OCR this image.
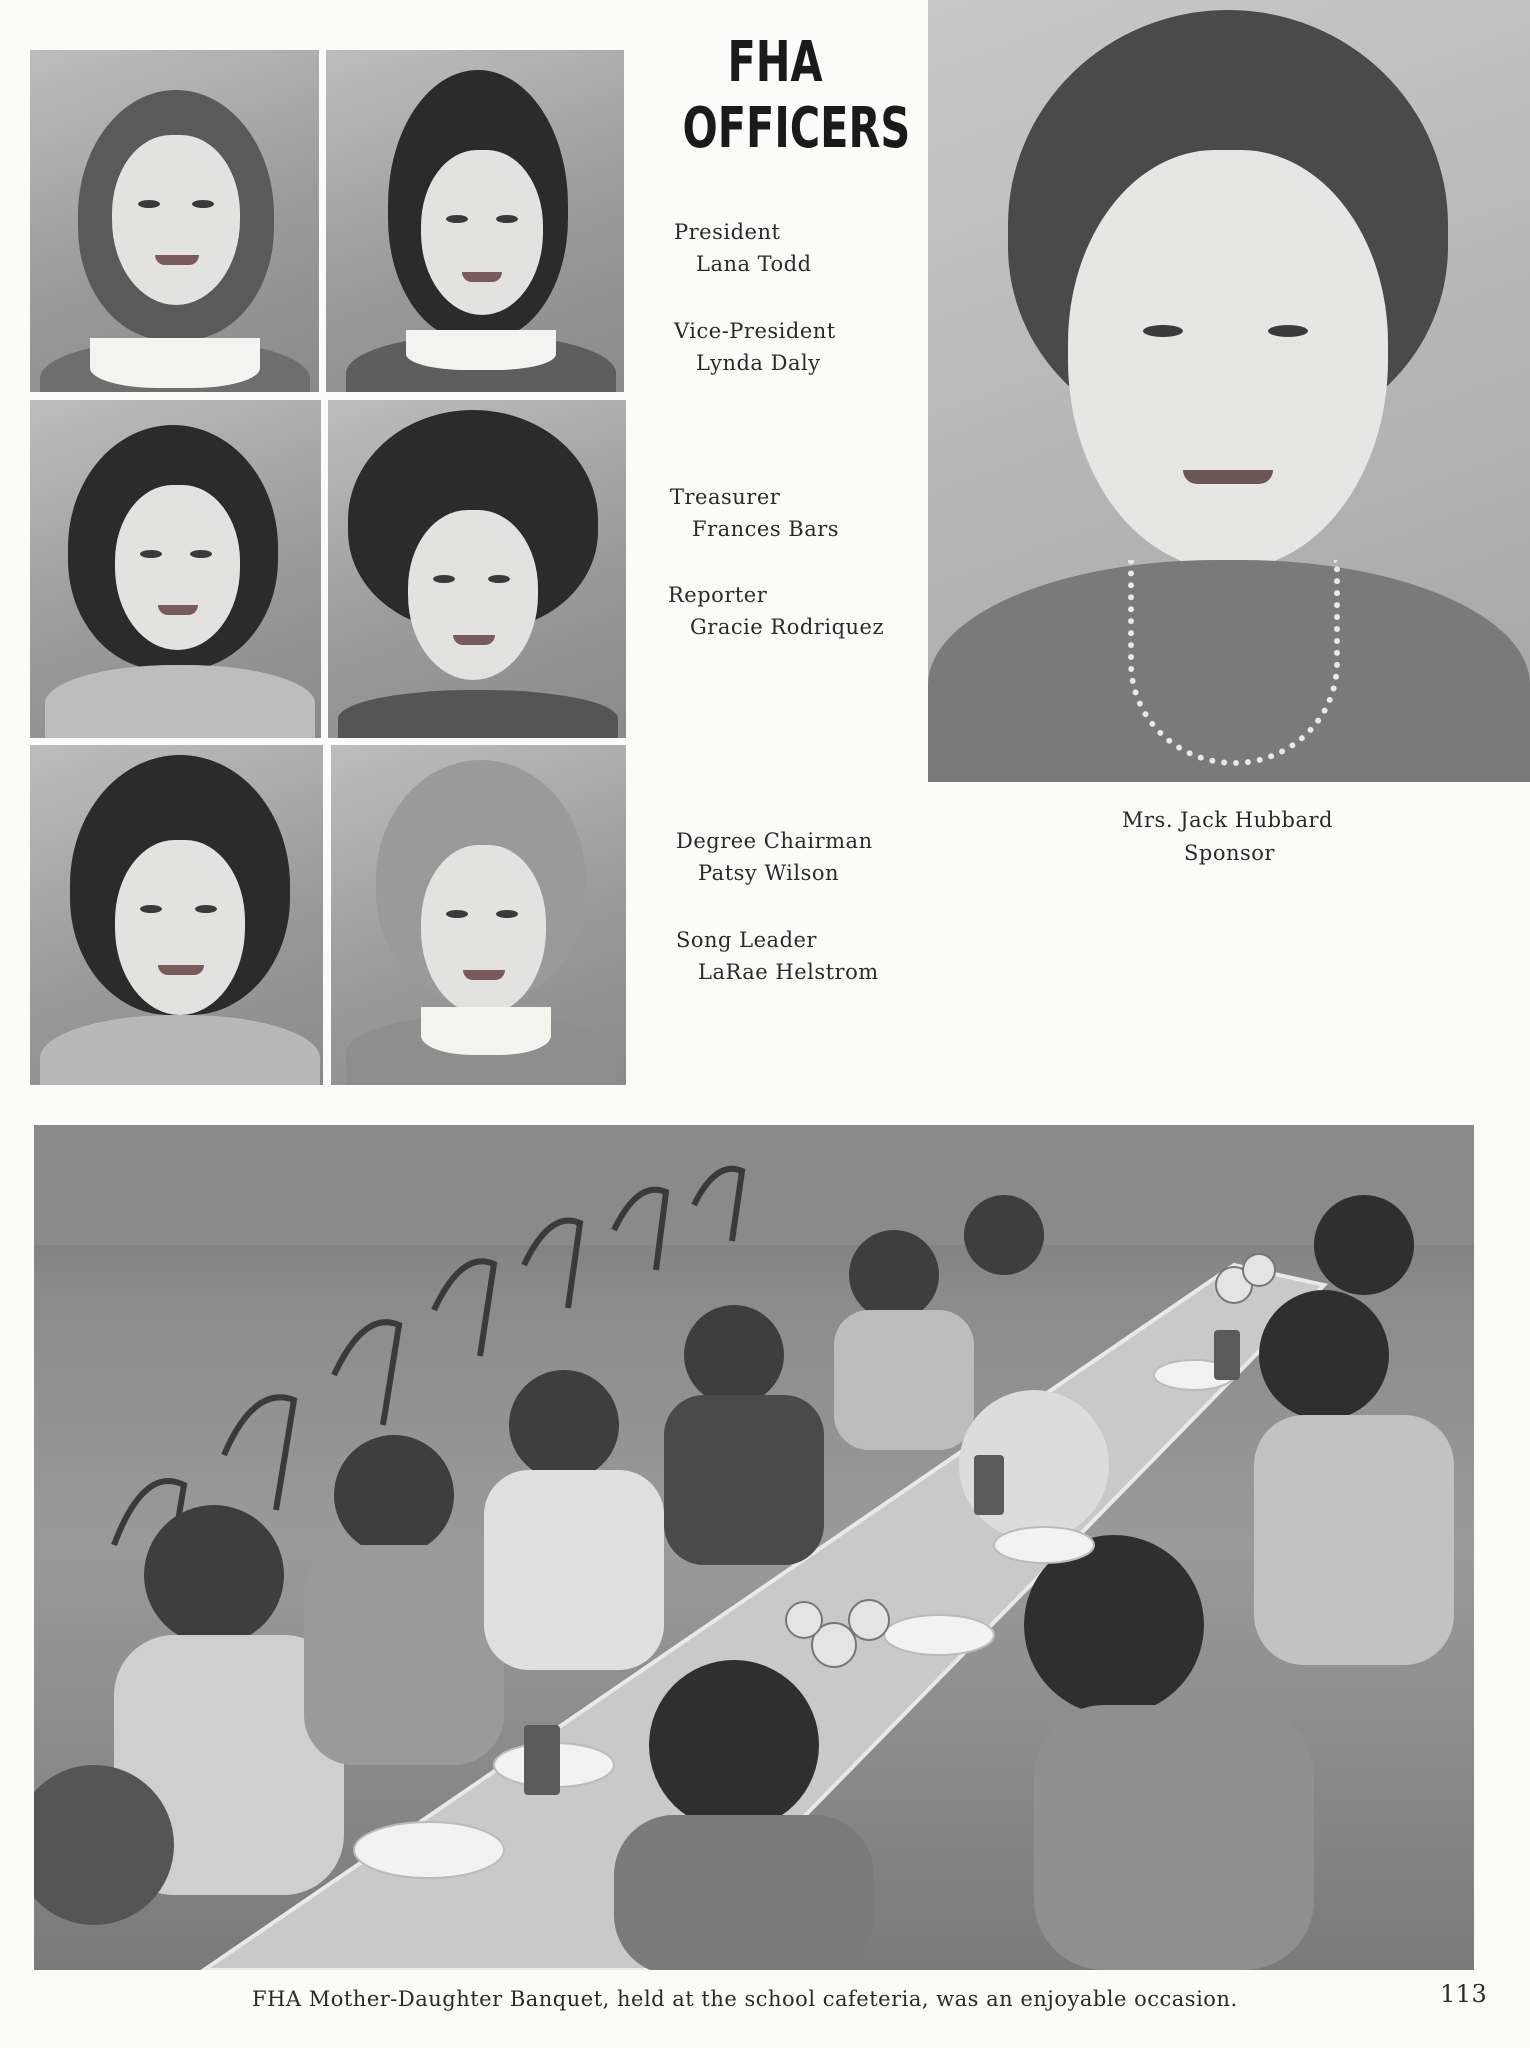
FHA OFFICERS
President
Lana Todd
Vice-President
Lynda Daly
Treasurer
Frances Bars
Reporter
Gracie Rodriquez
Degree Chairman
Patsy Wilson
Song Leader
LaRae Helstrom
Mrs. Jack Hubbard
Sponsor
FHA Mother-Daughter Banquet, held at the school cafeteria, was an enjoyable occasion.	113
